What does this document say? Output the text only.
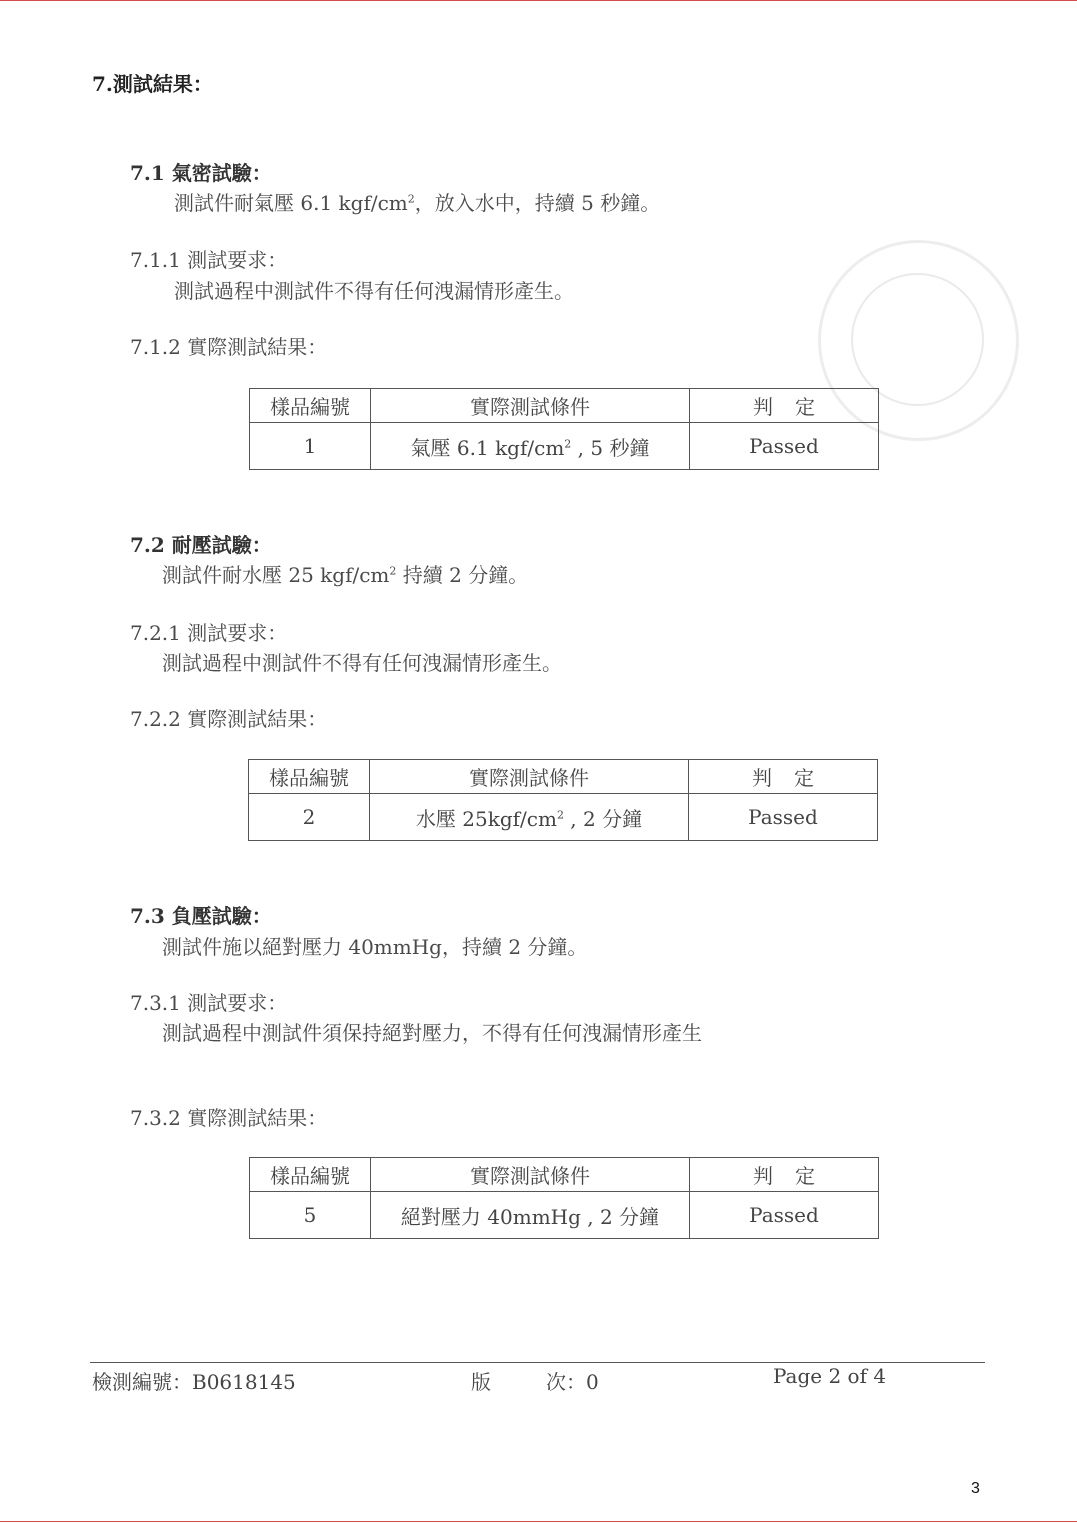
7.測試結果：
7.1 氣密試驗：
測試件耐氣壓 6.1 kgf/$cm^2$，放入水中，持續 5 秒鐘。
7.1.1 測試要求：
測試過程中測試件不得有任何洩漏情形產生。
7.1.2 實際測試結果：
樣品編號	實際測試條件	判定
1	氣壓 6.1 kgf/$cm^2$ , 5 秒鐘	Passed
7.2 耐壓試驗：
測試件耐水壓 25 kgf/$cm^2$ 持續 2 分鐘。
7.2.1 測試要求：
測試過程中測試件不得有任何洩漏情形產生。
7.2.2 實際測試結果：
樣品編號	實際測試條件	判定
2	水壓 $25kgf/cm^2$ , 2 分鐘	Passed
7.3 負壓試驗：
測試件施以絕對壓力 40mmHg，持續 2 分鐘。
7.3.1 測試要求：
測試過程中測試件須保持絕對壓力，不得有任何洩漏情形產生
7.3.2 實際測試結果：
樣品編號	實際測試條件	判定
5	絕對壓力 40mmHg , 2 分鐘	Passed
檢測編號：B0618145	版	次：0	Page 2 of 4
3
